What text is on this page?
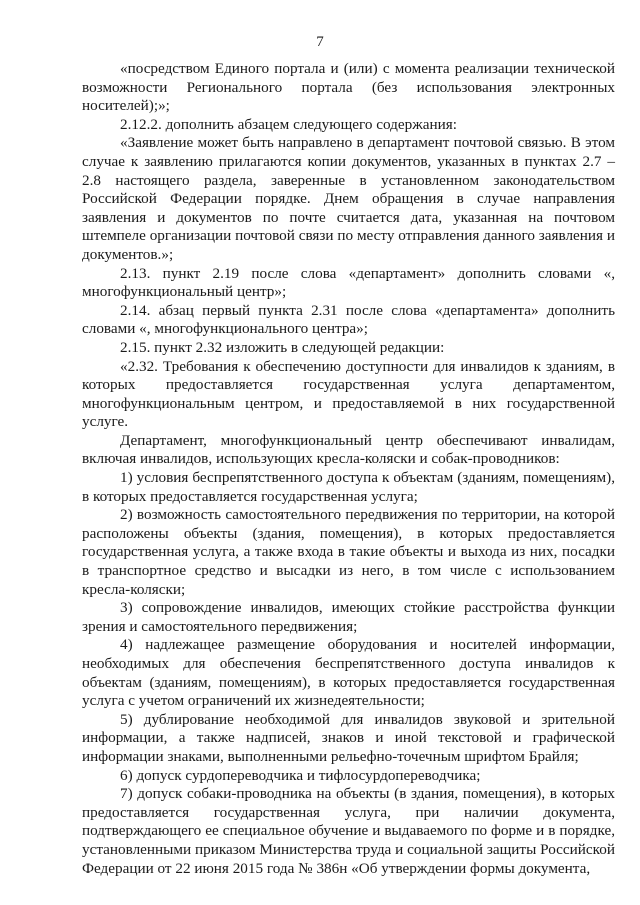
7

«посредством Единого портала и (или) с момента реализации технической возможности Регионального портала (без использования электронных носителей);»;

2.12.2. дополнить абзацем следующего содержания:

«Заявление может быть направлено в департамент почтовой связью. В этом случае к заявлению прилагаются копии документов, указанных в пунктах 2.7 – 2.8 настоящего раздела, заверенные в установленном законодательством Российской Федерации порядке. Днем обращения в случае направления заявления и документов по почте считается дата, указанная на почтовом штемпеле организации почтовой связи по месту отправления данного заявления и документов.»;

2.13. пункт 2.19 после слова «департамент» дополнить словами «, многофункциональный центр»;

2.14. абзац первый пункта 2.31 после слова «департамента» дополнить словами «, многофункционального центра»;

2.15. пункт 2.32 изложить в следующей редакции:

«2.32. Требования к обеспечению доступности для инвалидов к зданиям, в которых предоставляется государственная услуга департаментом, многофункциональным центром, и предоставляемой в них государственной услуге.

Департамент, многофункциональный центр обеспечивают инвалидам, включая инвалидов, использующих кресла-коляски и собак-проводников:

1) условия беспрепятственного доступа к объектам (зданиям, помещениям), в которых предоставляется государственная услуга;

2) возможность самостоятельного передвижения по территории, на которой расположены объекты (здания, помещения), в которых предоставляется государственная услуга, а также входа в такие объекты и выхода из них, посадки в транспортное средство и высадки из него, в том числе с использованием кресла-коляски;

3) сопровождение инвалидов, имеющих стойкие расстройства функции зрения и самостоятельного передвижения;

4) надлежащее размещение оборудования и носителей информации, необходимых для обеспечения беспрепятственного доступа инвалидов к объектам (зданиям, помещениям), в которых предоставляется государственная услуга с учетом ограничений их жизнедеятельности;

5) дублирование необходимой для инвалидов звуковой и зрительной информации, а также надписей, знаков и иной текстовой и графической информации знаками, выполненными рельефно-точечным шрифтом Брайля;

6) допуск сурдопереводчика и тифлосурдопереводчика;

7) допуск собаки-проводника на объекты (в здания, помещения), в которых предоставляется государственная услуга, при наличии документа, подтверждающего ее специальное обучение и выдаваемого по форме и в порядке, установленными приказом Министерства труда и социальной защиты Российской Федерации от 22 июня 2015 года № 386н «Об утверждении формы документа,
